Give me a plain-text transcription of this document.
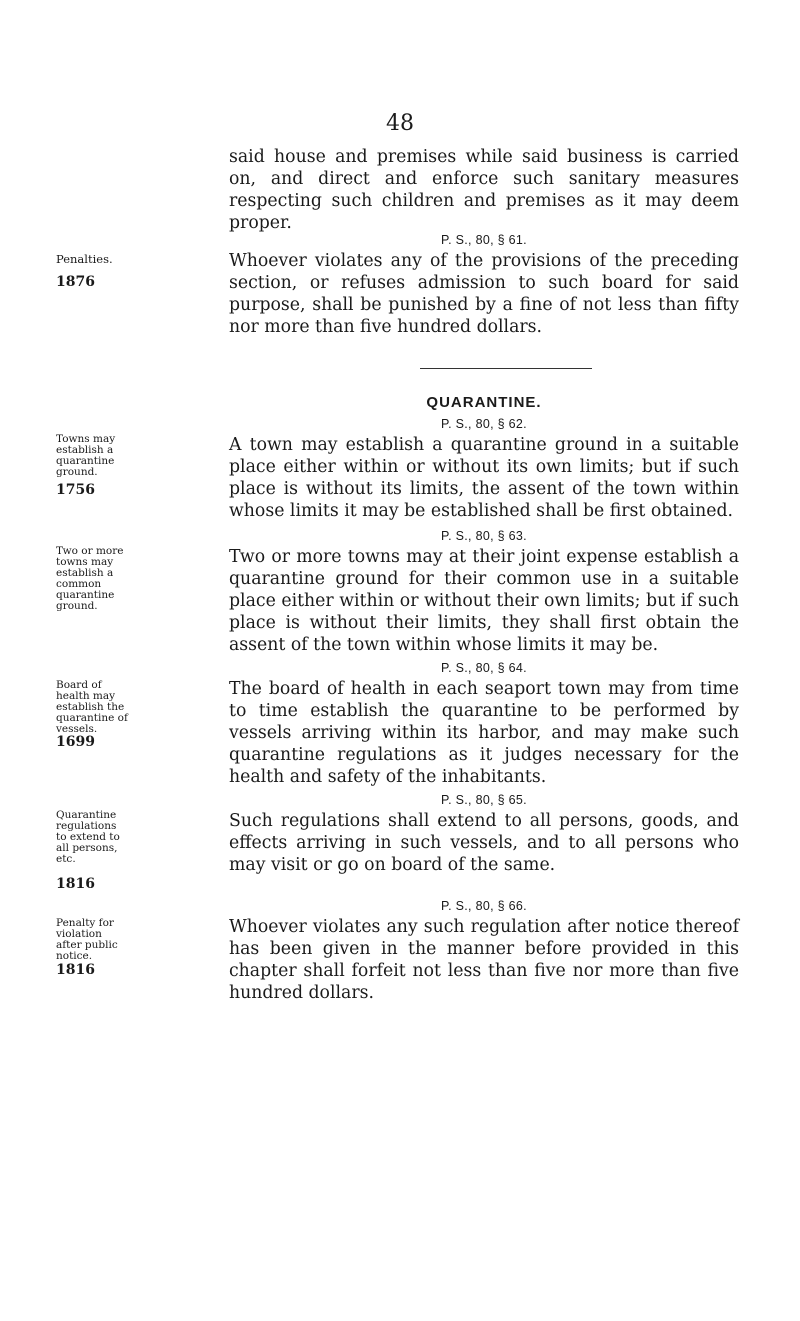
48
said house and premises while said business is carried on, and direct and enforce such sanitary measures respecting such children and premises as it may deem proper.
P. S., 80, § 61.
Penalties.
1876
Whoever violates any of the provisions of the preceding section, or refuses admission to such board for said purpose, shall be punished by a fine of not less than fifty nor more than five hundred dollars.
QUARANTINE.
P. S., 80, § 62.
Towns may establish a quarantine ground.
1756
A town may establish a quarantine ground in a suitable place either within or without its own limits; but if such place is without its limits, the assent of the town within whose limits it may be established shall be first obtained.
P. S., 80, § 63.
Two or more towns may establish a common quarantine ground.
Two or more towns may at their joint expense establish a quarantine ground for their common use in a suitable place either within or without their own limits; but if such place is without their limits, they shall first obtain the assent of the town within whose limits it may be.
P. S., 80, § 64.
Board of health may establish the quarantine of vessels.
1699
The board of health in each seaport town may from time to time establish the quarantine to be performed by vessels arriving within its harbor, and may make such quarantine regulations as it judges necessary for the health and safety of the inhabitants.
P. S., 80, § 65.
Quarantine regulations to extend to all persons, etc.
1816
Such regulations shall extend to all persons, goods, and effects arriving in such vessels, and to all persons who may visit or go on board of the same.
P. S., 80, § 66.
Penalty for violation after public notice.
1816
Whoever violates any such regulation after notice thereof has been given in the manner before provided in this chapter shall forfeit not less than five nor more than five hundred dollars.
